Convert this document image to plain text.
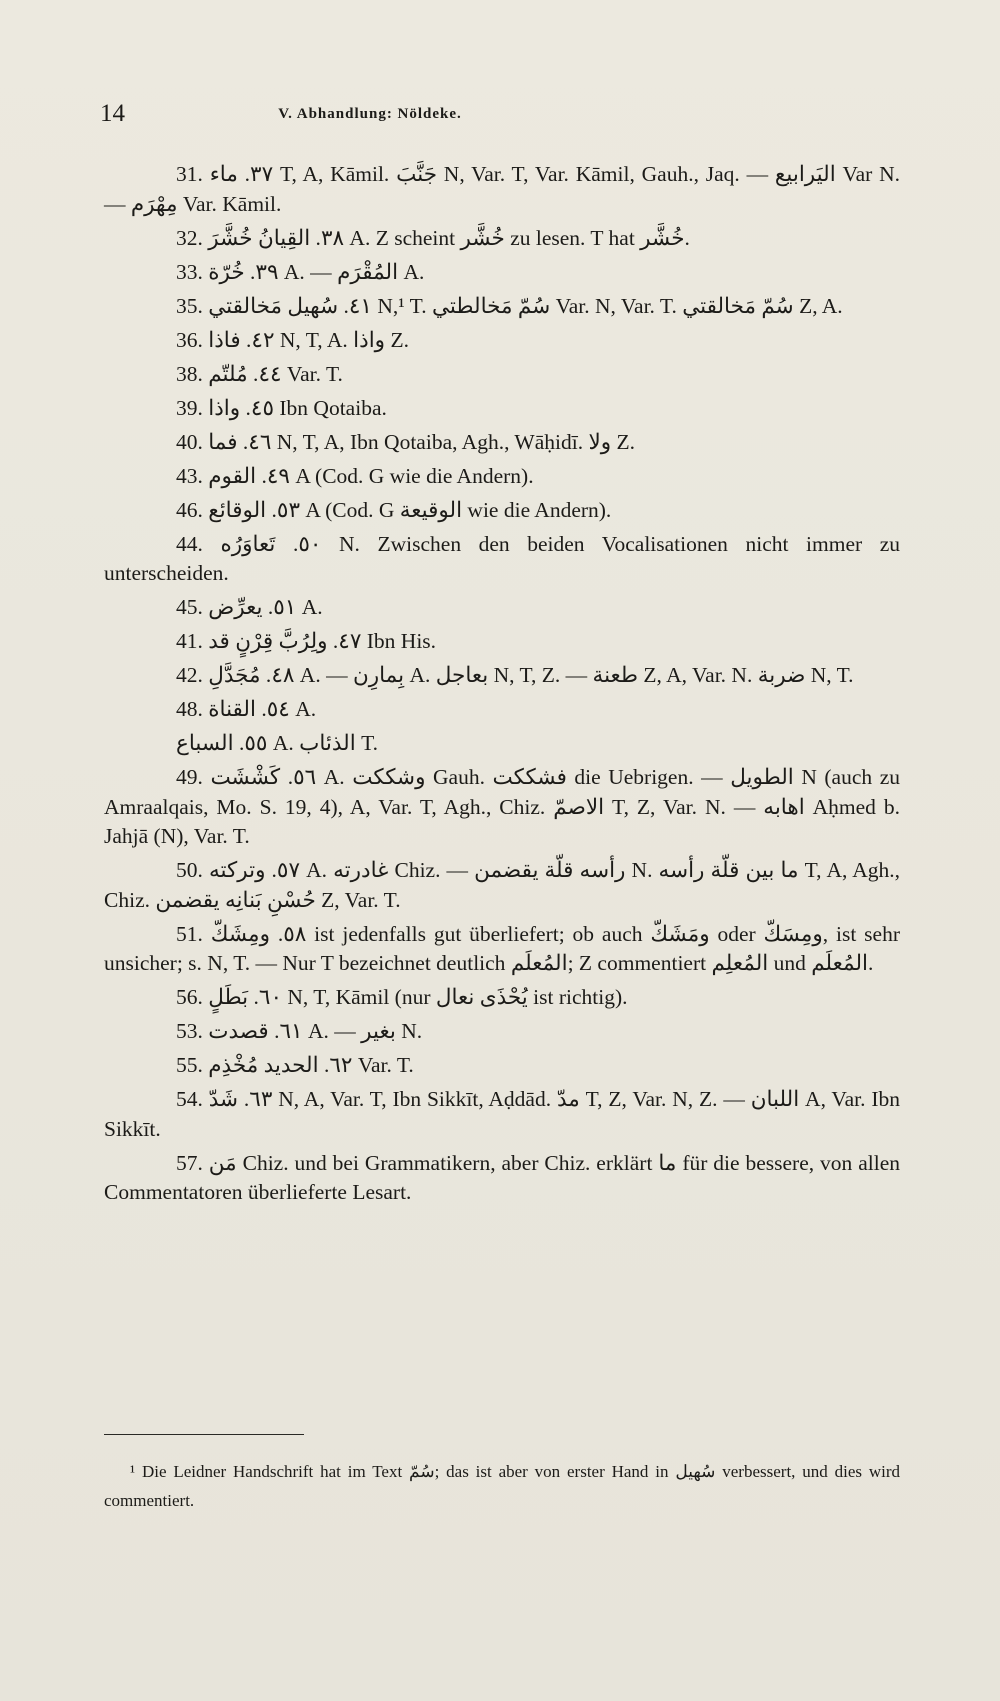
14	V. Abhandlung: Nöldeke.

31. ٣٧. ماء T, A, Kāmil. جَنَّبَ N, Var. T, Var. Kāmil, Gauh., Jaq. — اليَرابيع Var N. — مِهْرَم Var. Kāmil.

32. ٣٨. القِيانُ خُشَّرَ A. Z scheint خُشَّر zu lesen. T hat خُشَّر.

33. ٣٩. خُرّة A. — المُقْرَم A.

35. ٤١. سُهيل مَخالقتي N,¹ T. سُمّ مَخالطتي Var. N, Var. T. سُمّ مَخالقتي Z, A.

36. ٤٢. فاذا N, T, A. واذا Z.

38. ٤٤. مُلتّم Var. T.

39. ٤٥. واذا Ibn Qotaiba.

40. ٤٦. فما N, T, A, Ibn Qotaiba, Agh., Wāḥidī. ولا Z.

43. ٤٩. القوم A (Cod. G wie die Andern).

46. ٥٣. الوقائع A (Cod. G الوقيعة wie die Andern).

44. ٥٠. تَعاوَرُه N. Zwischen den beiden Vocalisationen nicht immer zu unterscheiden.

45. ٥١. يعرِّض A.

41. ٤٧. ولِرُبَّ قِرْنٍ قد Ibn His.

42. ٤٨. مُجَدَّلِ A. — بِمارِن A. بعاجل N, T, Z. — طعنة Z, A, Var. N. ضربة N, T.

48. ٥٤. القناة A.

٥٥. السباع A. الذئاب T.

49. ٥٦. كَشْشَت A. وشككت Gauh. فشككت die Uebrigen. — الطويل N (auch zu Amraalqais, Mo. S. 19, 4), A, Var. T, Agh., Chiz. الاصمّ T, Z, Var. N. — اهابه Aḥmed b. Jahjā (N), Var. T.

50. ٥٧. وتركته A. غادرته Chiz. — رأسه قلّة يقضمن N. ما بين قلّة رأسه T, A, Agh., Chiz. حُسْنِ بَنانِه يقضمن Z, Var. T.

51. ٥٨. ومِشَكّ ist jedenfalls gut überliefert; ob auch ومَشَكّ oder ومِسَكّ, ist sehr unsicher; s. N, T. — Nur T bezeichnet deutlich المُعلَم; Z commentiert المُعلِم und المُعلَم.

56. ٦٠. بَطَلٍ N, T, Kāmil (nur يُحْذَى نعال ist richtig).

53. ٦١. قصدت A. — بغير N.

55. ٦٢. الحديد مُخْذِم Var. T.

54. ٦٣. شَدّ N, A, Var. T, Ibn Sikkīt, Aḍdād. مدّ T, Z, Var. N, Z. — اللبان A, Var. Ibn Sikkīt.

57. مَن Chiz. und bei Grammatikern, aber Chiz. erklärt ما für die bessere, von allen Commentatoren überlieferte Lesart.

¹ Die Leidner Handschrift hat im Text سُمّ; das ist aber von erster Hand in سُهيل verbessert, und dies wird commentiert.
